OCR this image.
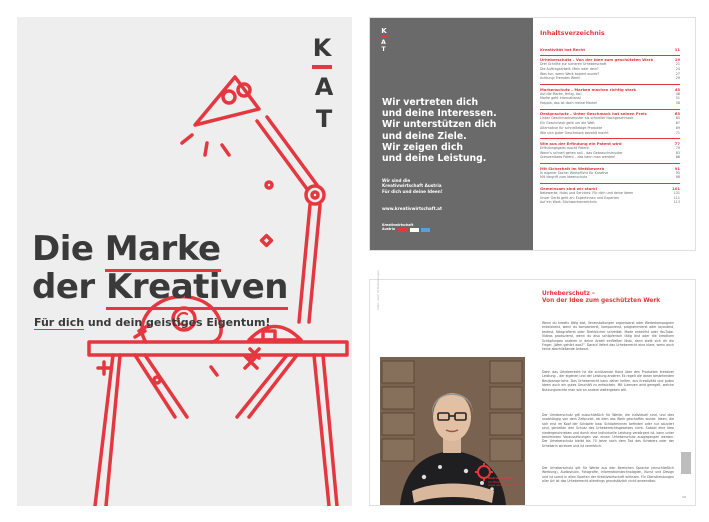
K
AT
Die Marke
der Kreativen
Für dich und dein geistiges Eigentum!
K
AT
Wir vertreten dich
und deine Interessen.
Wir unterstützen dich
und deine Ziele.
Wir zeigen dich
und deine Leistung.
Wir sind die
Kreativwirtschaft Austria
Für dich und deine Ideen!
www.kreativwirtschaft.at
Kreativwirtschaft
Austria
Inhaltsverzeichnis
Kreativität hat Recht	11
Urheberschutz – Von der Idee zum geschützten Werk	19
Drei Schritte zur sicheren Urheberschaft	21
Die Auftragsarbeit: Mein oder dein?	24
Was tun, wenn Werk kopiert wurde?	27
Achtung: Fremdes Werk!	29
Markenschutz – Marken machen richtig stark	45
Auf die Marke, fertig, los!	46
Marke geht international	51
Hoppla, das ist doch meine Marke!	58
Designschutz – Unter Geschmack hat seinen Preis	63
Linker Geschmacksmuster als schneller Nachgeschmack	65
Ein Geschmack geht um die Welt	67
Alternative für schnelllebige Produkte	69
Wie sich guter Geschmack bezahlt macht	71
Wie aus der Erfindung ein Patent wird	77
Erfindungsgeist macht Patent	79
Wenn's schnell gehen soll – das Gebrauchsmuster	83
Grenzenloses Patent – das kann man werden!	86
Mit Sicherheit im Wettbewerb	91
In eigener Sache: Wertpflicht für Kreative	95
Mit Vorgriff zum Ideenschutz	98
Gemeinsam sind wir stark!	101
Netzwerke, Hubs und Services: Für dich und deine Ideen	131
Unser Gerät geht an: Expertinnen und Experten	111
Auf ein Wort: Stichwortverzeichnis	113
Inter- nach Orientierungen
Andrea Ullinger
Architektin
www.ullingerarchitekt.at
Urheberschutz –
Von der Idee zum geschützten Werk
Wenn du kreativ tätig bist, Veranstaltungen organisierst oder Werbekampagnen entwickelst, wenn du komponierst, komponierst, programmierst oder layoutest, textest, fotografierst oder Drehbücher schreibst. Mode entwirfst oder YouTube-Videos produzierst, wenn du also schöpferisch tätig bist oder die kreativen Schöpfungen anderer in deine Arbeit einfließen lässt, dann stellt sich dir die Frage: „Wem gehört was?". Darauf liefert das Urheberrecht eine klare, wenn auch keine abschließende Antwort.
Denn das Urheberrecht ist die schützende Hand über den Produkten kreativer Leistung – der eigenen und der Leistung anderer. Es regelt die daran bestehenden Besitzansprüche. Das Urheberrecht kann daher helfen, aus Kreativität und guten Ideen auch ein gutes Geschäft zu entwickeln. Mit Lizenzen wird geregelt, welche Nutzungsrechte man wie an andere weitergeben will.
Der Urheberschutz gilt ausschließlich für Werke, die individuell sind, und dies unabhängig von dem Zeitpunkt, ab dem das Werk geschaffen wurde. Ideen, die sich erst im Kopf der Schöpfer bzw. Schöpferinnen befinden oder nur skizziert sind, genießen den Schutz des Urheberrechtsgesetzes nicht. Sobald eine Idee niedergeschrieben und durch eine individuelle Leistung verkörpert ist, kann unter bestimmten Voraussetzungen von einem Urheberschutz ausgegangen werden. Der Urheberschutz bleibt bis 70 Jahre nach dem Tod des Urhebers oder der Urheberin wirksam und ist vererblich.
Der Urheberschutz gilt für Werke aus den Bereichen Sprache (einschließlich Werbung), Audiovision, Fotografie, Informationstechnologien, Kunst und Design und ist somit in allen Sparten der Kreativwirtschaft wirksam. Für Dienstleistungen aller Art ist das Urheberrecht allerdings grundsätzlich nicht anwendbar.
19
